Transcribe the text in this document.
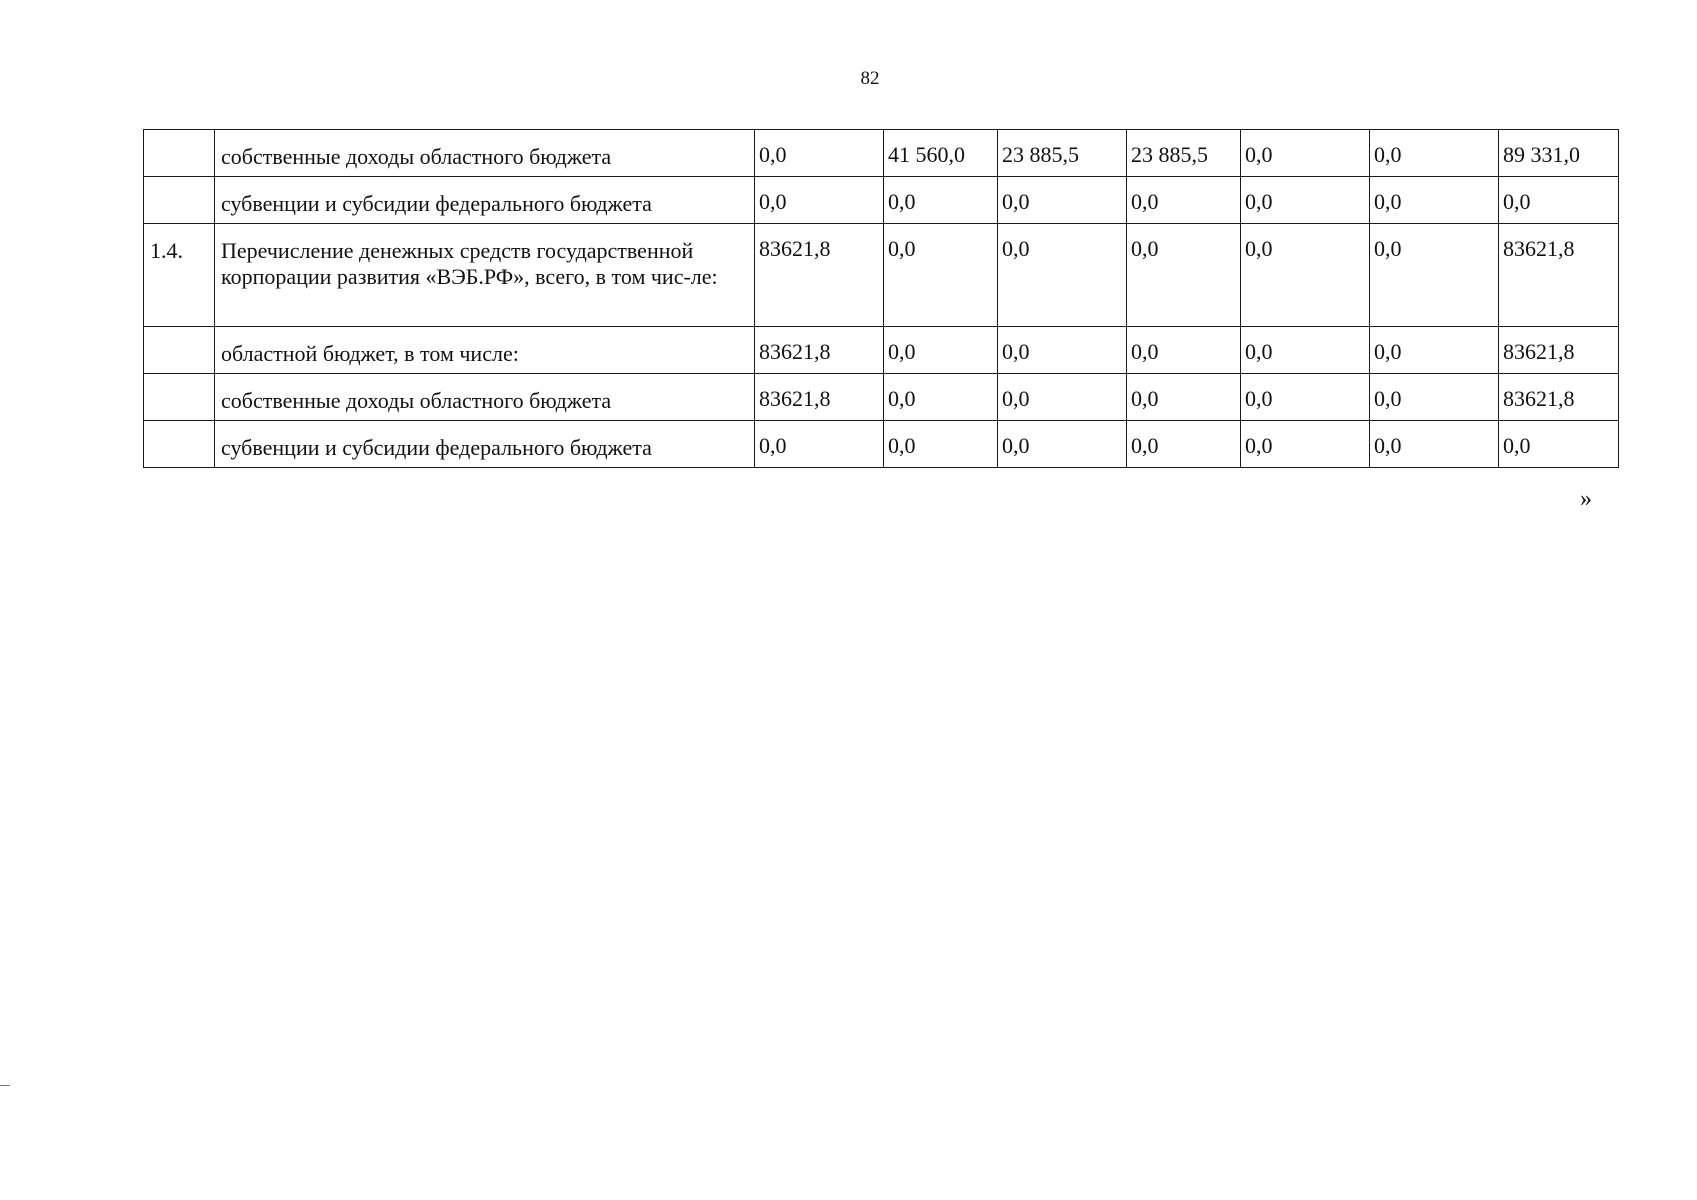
82
	собственные доходы областного бюджета	0,0	41 560,0	23 885,5	23 885,5	0,0	0,0	89 331,0
	субвенции и субсидии федерального бюджета	0,0	0,0	0,0	0,0	0,0	0,0	0,0
1.4.	Перечисление денежных средств государственной корпорации развития «ВЭБ.РФ», всего, в том чис-ле:	83621,8	0,0	0,0	0,0	0,0	0,0	83621,8
	областной бюджет, в том числе:	83621,8	0,0	0,0	0,0	0,0	0,0	83621,8
	собственные доходы областного бюджета	83621,8	0,0	0,0	0,0	0,0	0,0	83621,8
	субвенции и субсидии федерального бюджета	0,0	0,0	0,0	0,0	0,0	0,0	0,0
»
